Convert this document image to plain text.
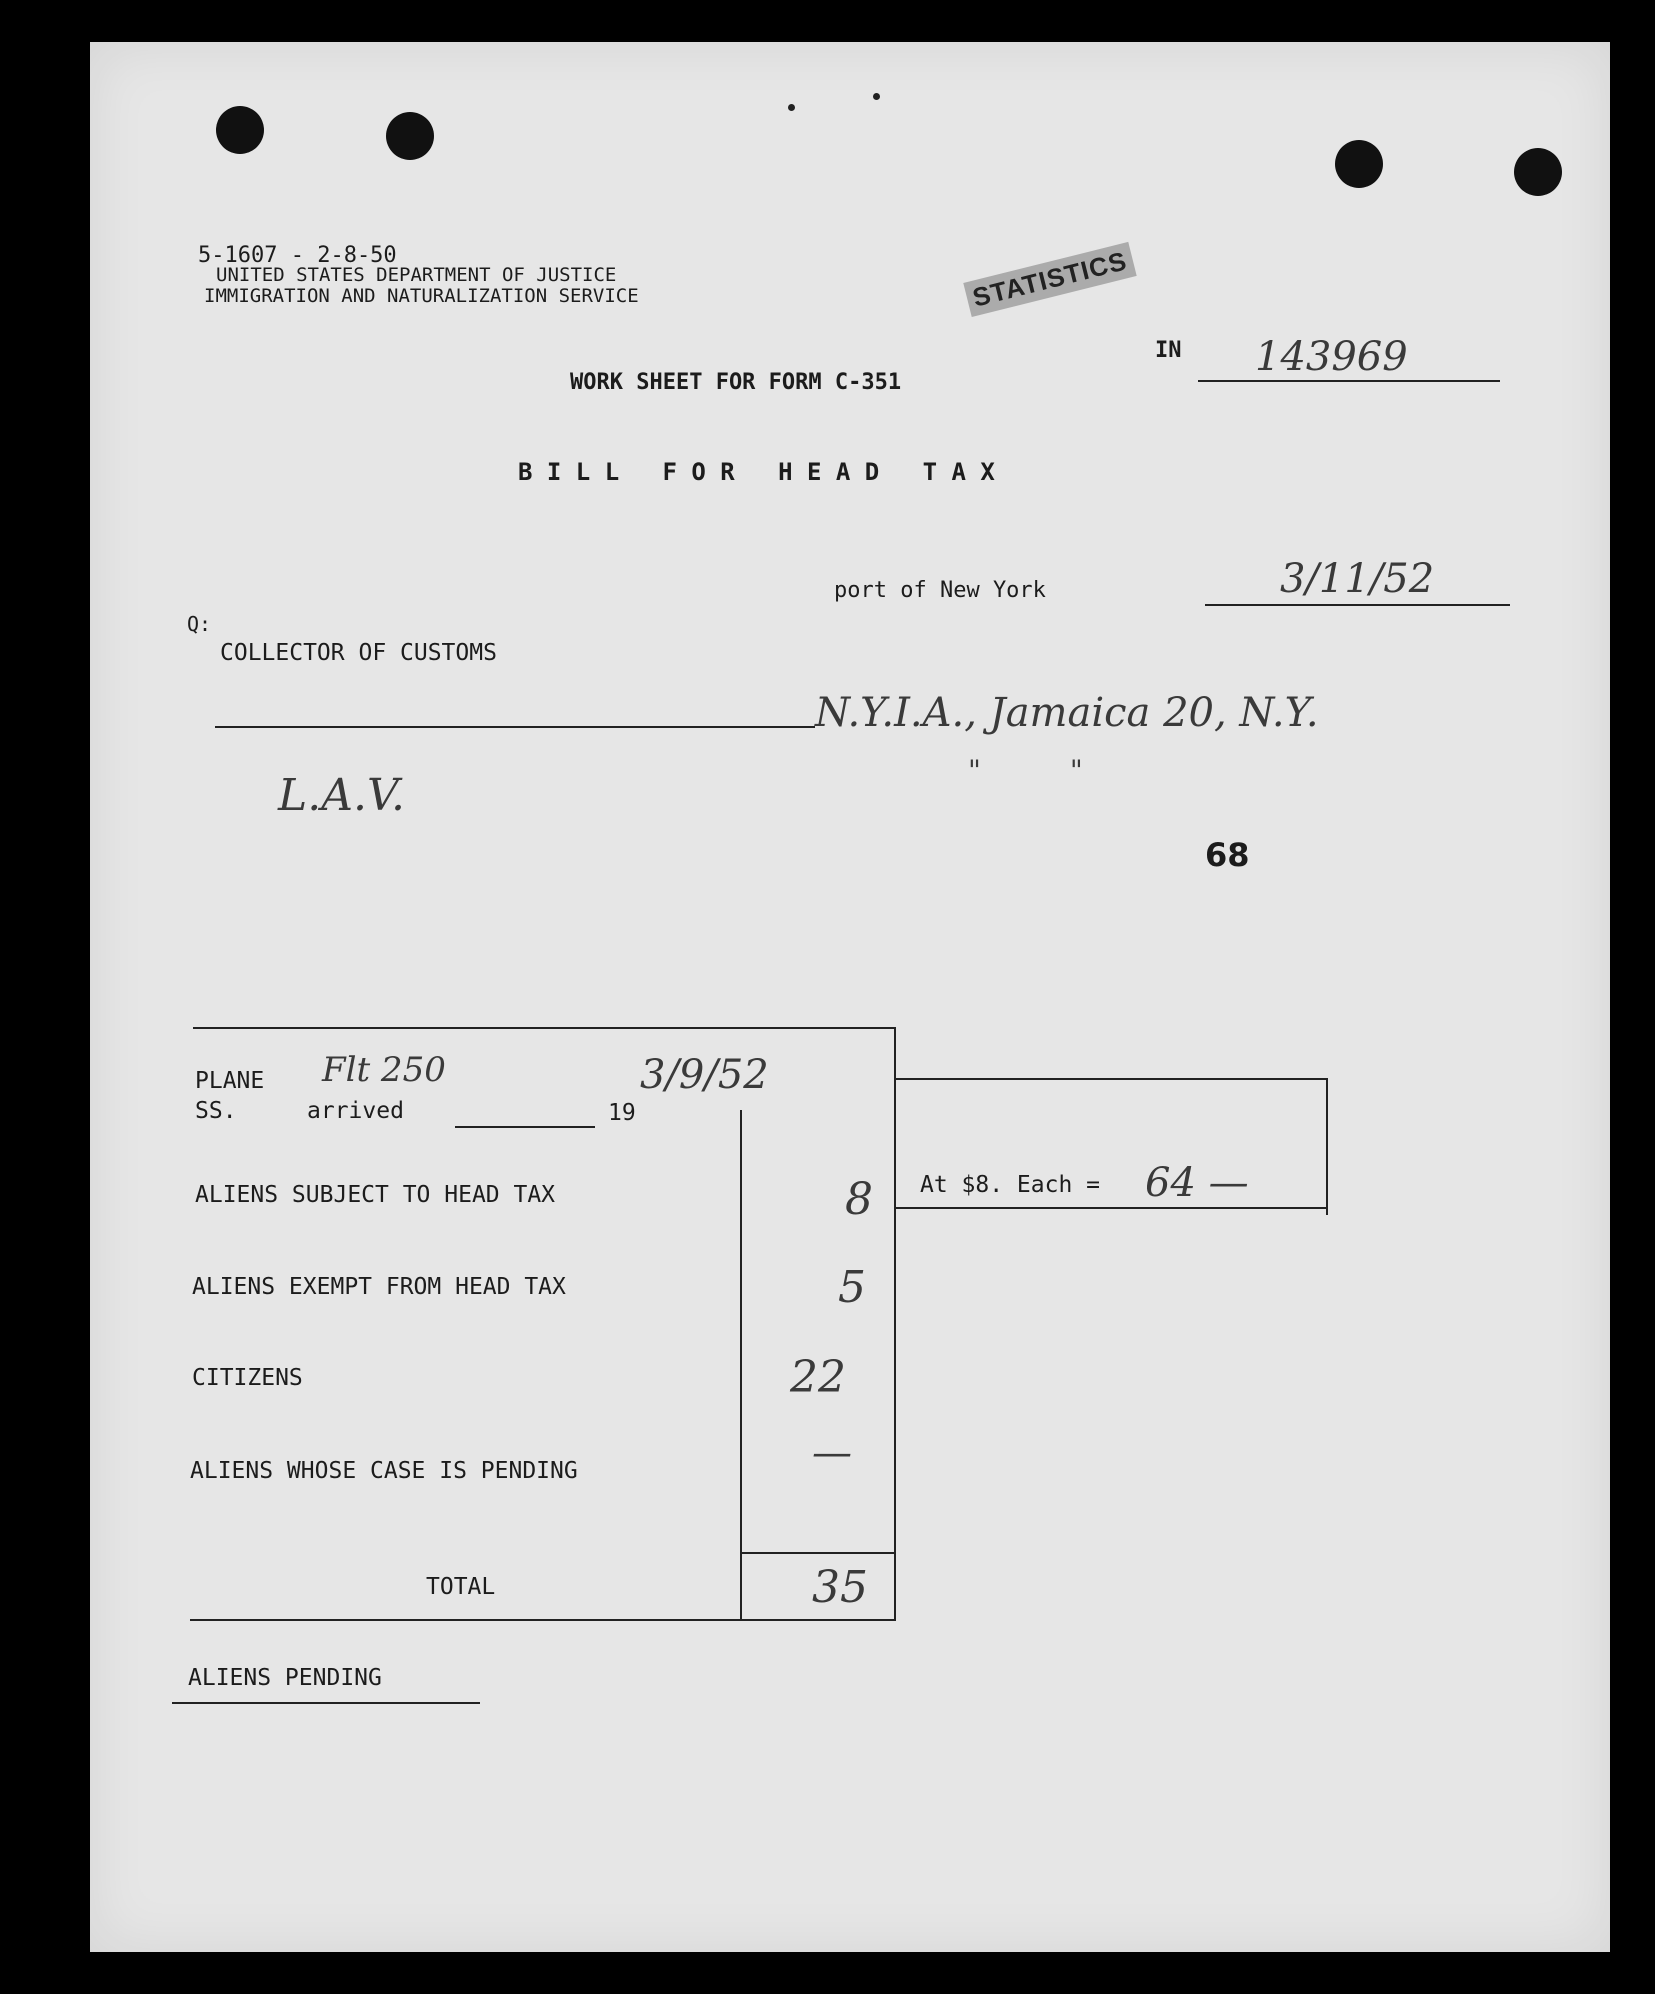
5-1607 - 2-8-50
UNITED STATES DEPARTMENT OF JUSTICE
IMMIGRATION AND NATURALIZATION SERVICE	STATISTICS
IN 143969
WORK SHEET FOR FORM C-351
B I L L   F O R   H E A D   T A X
port of New York	3/11/52
Q:
COLLECTOR OF CUSTOMS
N.Y.I.A., Jamaica 20, N.Y.
"          "
L.A.V.
68
PLANE
SS.	arrived	19
Flt 250	3/9/52
ALIENS SUBJECT TO HEAD TAX	8
ALIENS EXEMPT FROM HEAD TAX	5
CITIZENS	22
ALIENS WHOSE CASE IS PENDING	—
TOTAL	35
At $8. Each = 64 —
ALIENS PENDING
